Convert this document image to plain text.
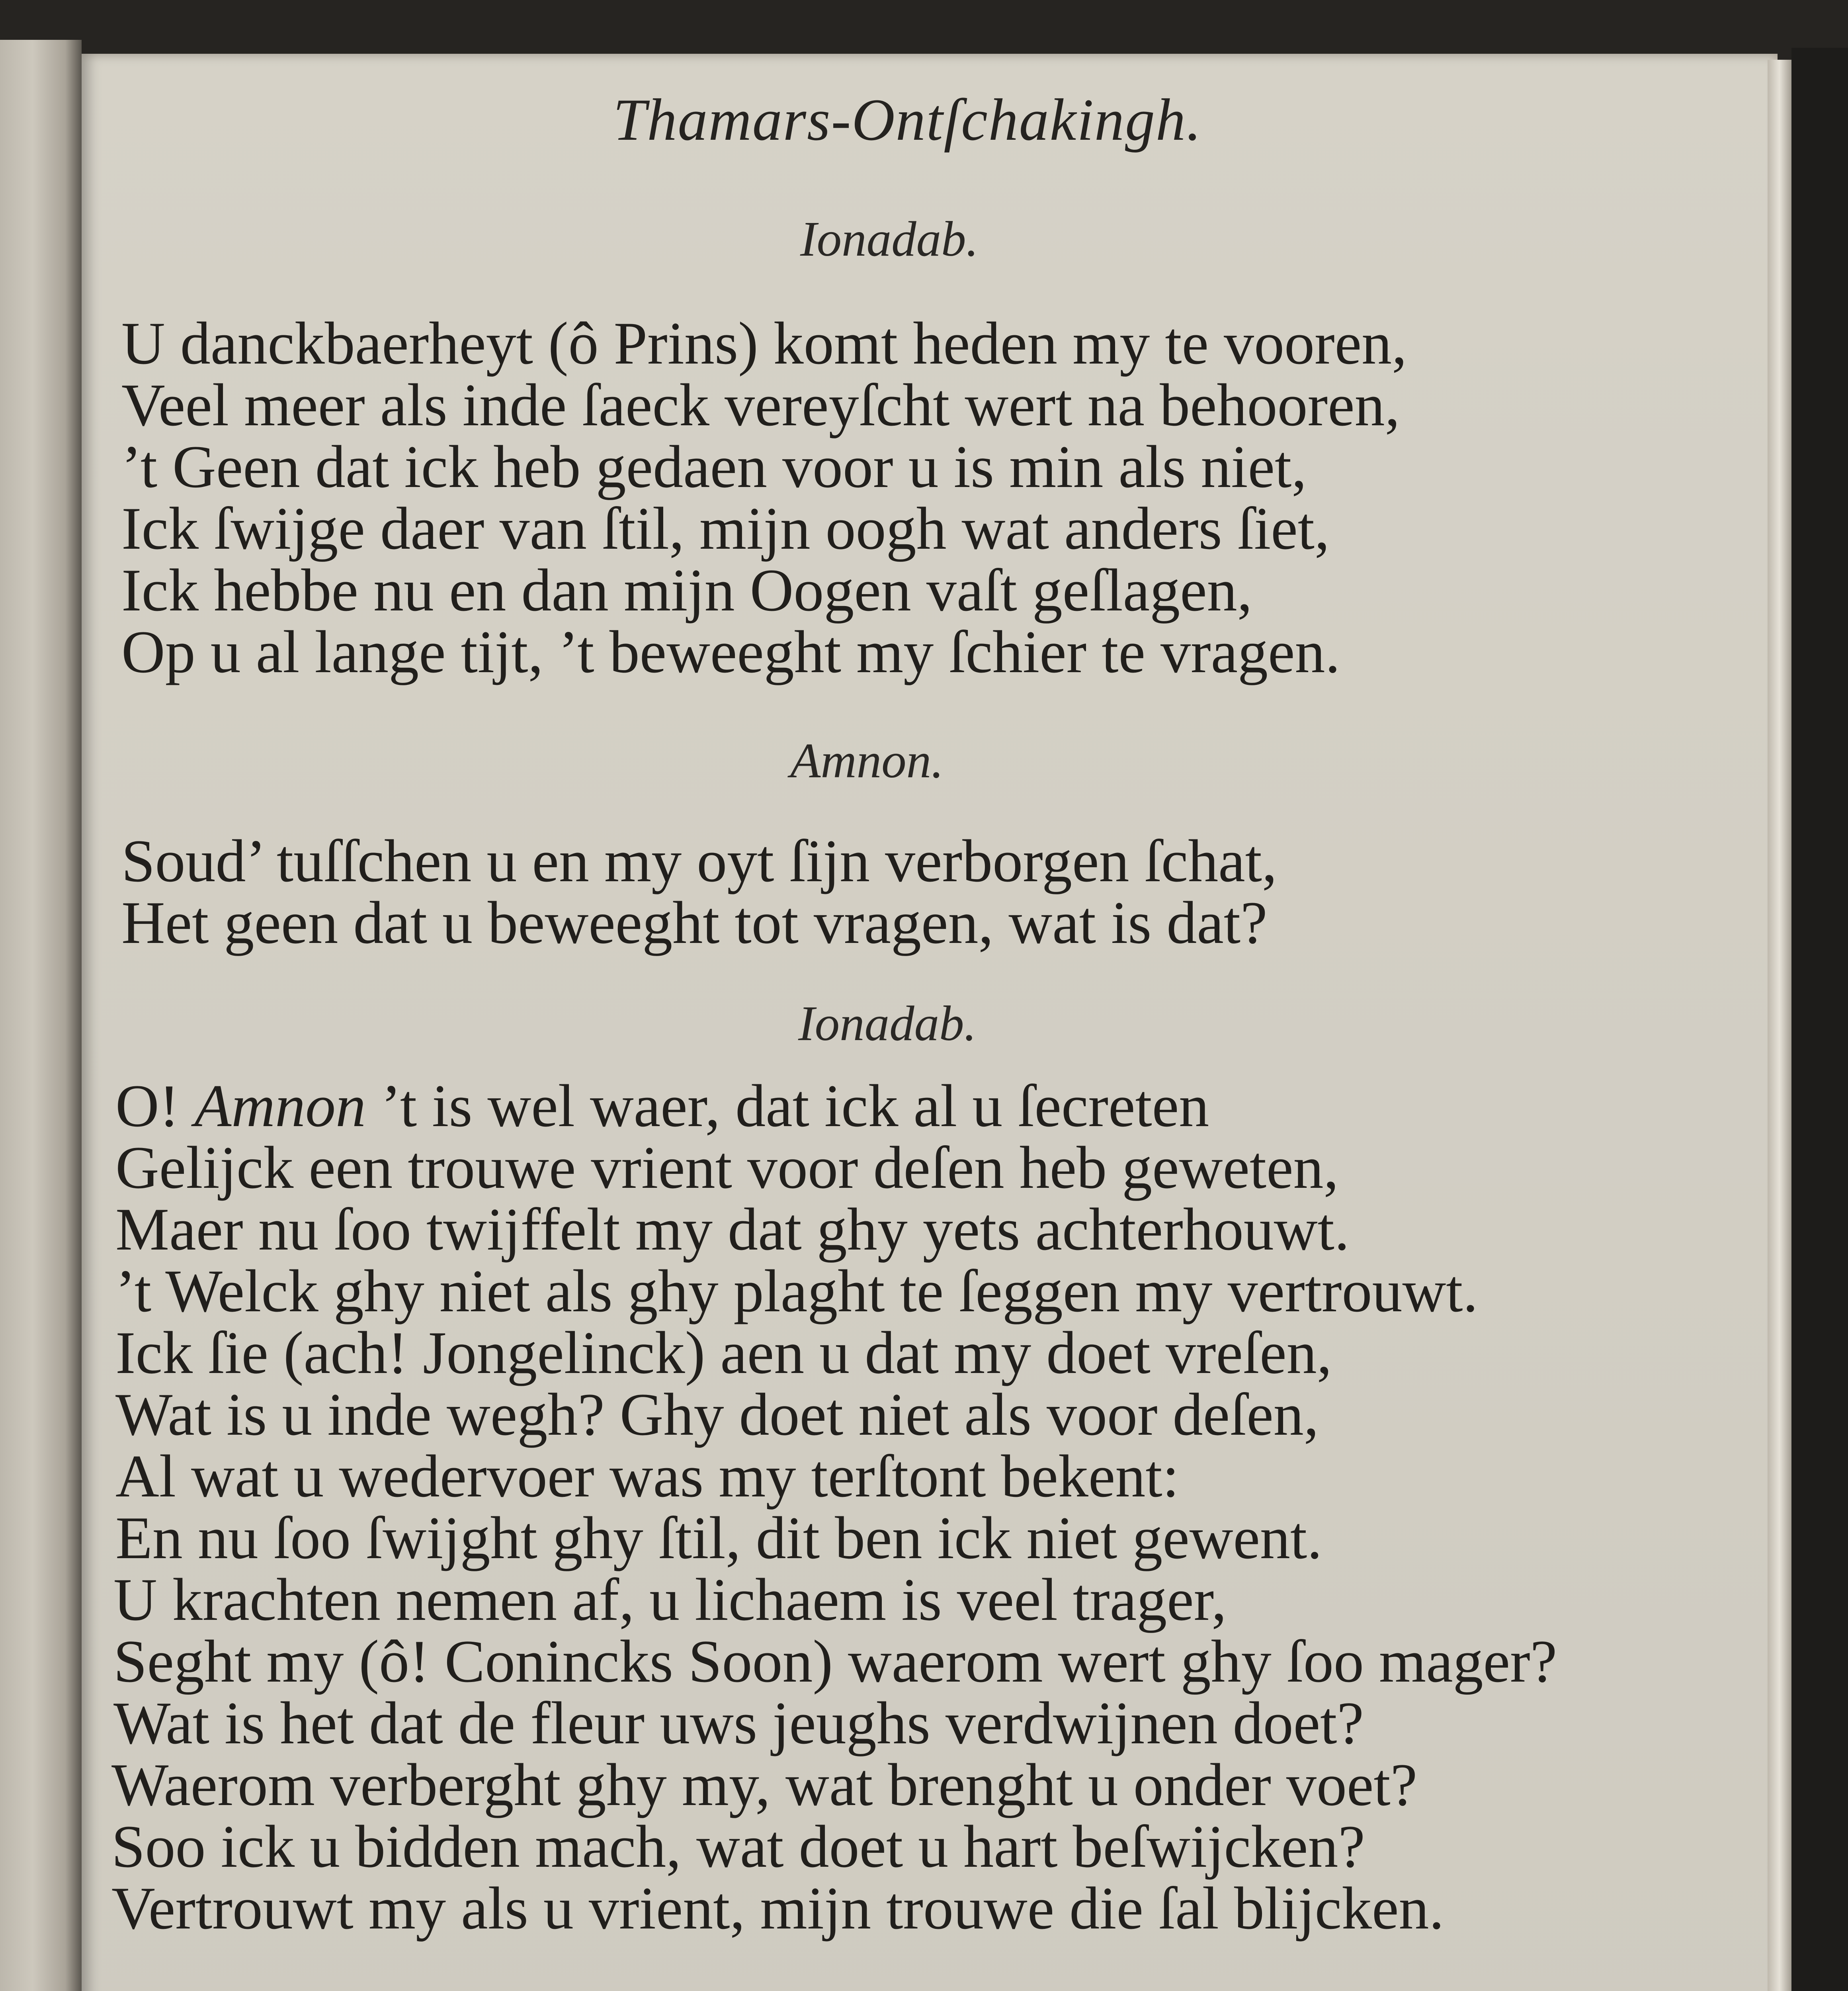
Thamars-Ontſchakingh.
Ionadab.
U danckbaerheyt (ô Prins) komt heden my te vooren,
Veel meer als inde ſaeck vereyſcht wert na behooren,
’t Geen dat ick heb gedaen voor u is min als niet,
Ick ſwijge daer van ſtil, mijn oogh wat anders ſiet,
Ick hebbe nu en dan mijn Oogen vaſt geſlagen,
Op u al lange tijt, ’t beweeght my ſchier te vragen.
Amnon.
Soud’ tuſſchen u en my oyt ſijn verborgen ſchat,
Het geen dat u beweeght tot vragen, wat is dat?
Ionadab.
O! Amnon ’t is wel waer, dat ick al u ſecreten
Gelijck een trouwe vrient voor deſen heb geweten,
Maer nu ſoo twijffelt my dat ghy yets achterhouwt.
’t Welck ghy niet als ghy plaght te ſeggen my vertrouwt.
Ick ſie (ach! Jongelinck) aen u dat my doet vreſen,
Wat is u inde wegh? Ghy doet niet als voor deſen,
Al wat u wedervoer was my terſtont bekent:
En nu ſoo ſwijght ghy ſtil, dit ben ick niet gewent.
U krachten nemen af, u lichaem is veel trager,
Seght my (ô! Conincks Soon) waerom wert ghy ſoo mager?
Wat is het dat de fleur uws jeughs verdwijnen doet?
Waerom verberght ghy my, wat brenght u onder voet?
Soo ick u bidden mach, wat doet u hart beſwijcken?
Vertrouwt my als u vrient, mijn trouwe die ſal blijcken.
